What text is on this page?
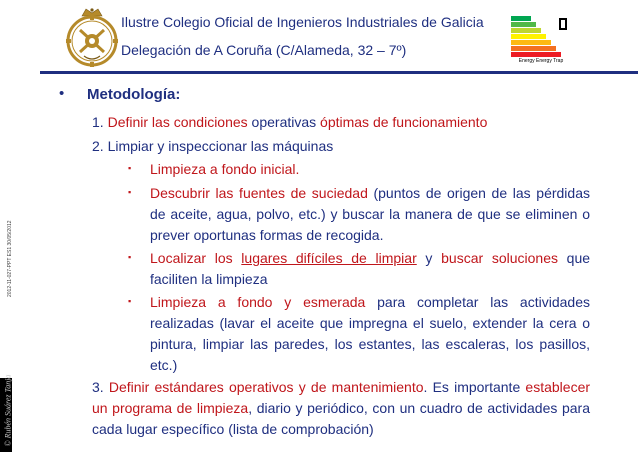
Ilustre Colegio Oficial de Ingenieros Industriales de Galicia
Delegación de A Coruña (C/Alameda, 32 – 7º)
Energy Energy Trap
2012-11-027-PPT ES1 30/05/2012
© Rubén Suárez Tanja
• Metodología:
1. Definir las condiciones operativas óptimas de funcionamiento
2. Limpiar y inspeccionar las máquinas
▪ Limpieza a fondo inicial.
▪ Descubrir las fuentes de suciedad (puntos de origen de las pérdidas de aceite, agua, polvo, etc.) y buscar la manera de que se eliminen o prever oportunas formas de recogida.
▪ Localizar los lugares difíciles de limpiar y buscar soluciones que faciliten la limpieza
▪ Limpieza a fondo y esmerada para completar las actividades realizadas (lavar el aceite que impregna el suelo, extender la cera o pintura, limpiar las paredes, los estantes, las escaleras, los pasillos, etc.)
3. Definir estándares operativos y de mantenimiento. Es importante establecer un programa de limpieza, diario y periódico, con un cuadro de actividades para cada lugar específico (lista de comprobación)
